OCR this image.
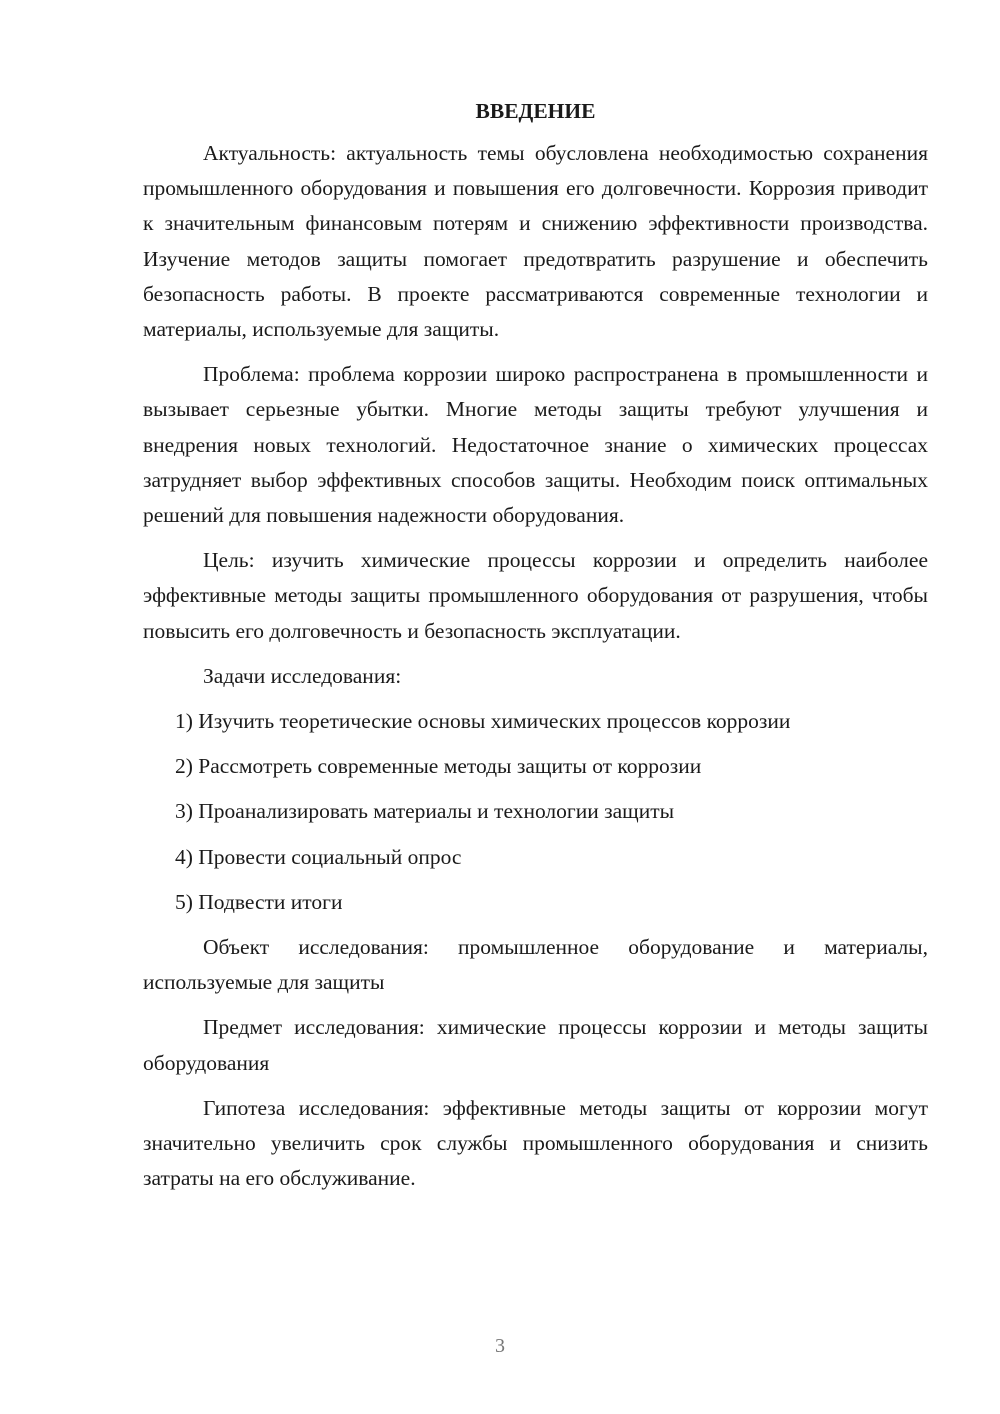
ВВЕДЕНИЕ

Актуальность: актуальность темы обусловлена необходимостью сохранения промышленного оборудования и повышения его долговечности. Коррозия приводит к значительным финансовым потерям и снижению эффективности производства. Изучение методов защиты помогает предотвратить разрушение и обеспечить безопасность работы. В проекте рассматриваются современные технологии и материалы, используемые для защиты.

Проблема: проблема коррозии широко распространена в промышленности и вызывает серьезные убытки. Многие методы защиты требуют улучшения и внедрения новых технологий. Недостаточное знание о химических процессах затрудняет выбор эффективных способов защиты. Необходим поиск оптимальных решений для повышения надежности оборудования.

Цель: изучить химические процессы коррозии и определить наиболее эффективные методы защиты промышленного оборудования от разрушения, чтобы повысить его долговечность и безопасность эксплуатации.

Задачи исследования:

1) Изучить теоретические основы химических процессов коррозии
2) Рассмотреть современные методы защиты от коррозии
3) Проанализировать материалы и технологии защиты
4) Провести социальный опрос
5) Подвести итоги

Объект исследования: промышленное оборудование и материалы, используемые для защиты

Предмет исследования: химические процессы коррозии и методы защиты оборудования

Гипотеза исследования: эффективные методы защиты от коррозии могут значительно увеличить срок службы промышленного оборудования и снизить затраты на его обслуживание.

3
